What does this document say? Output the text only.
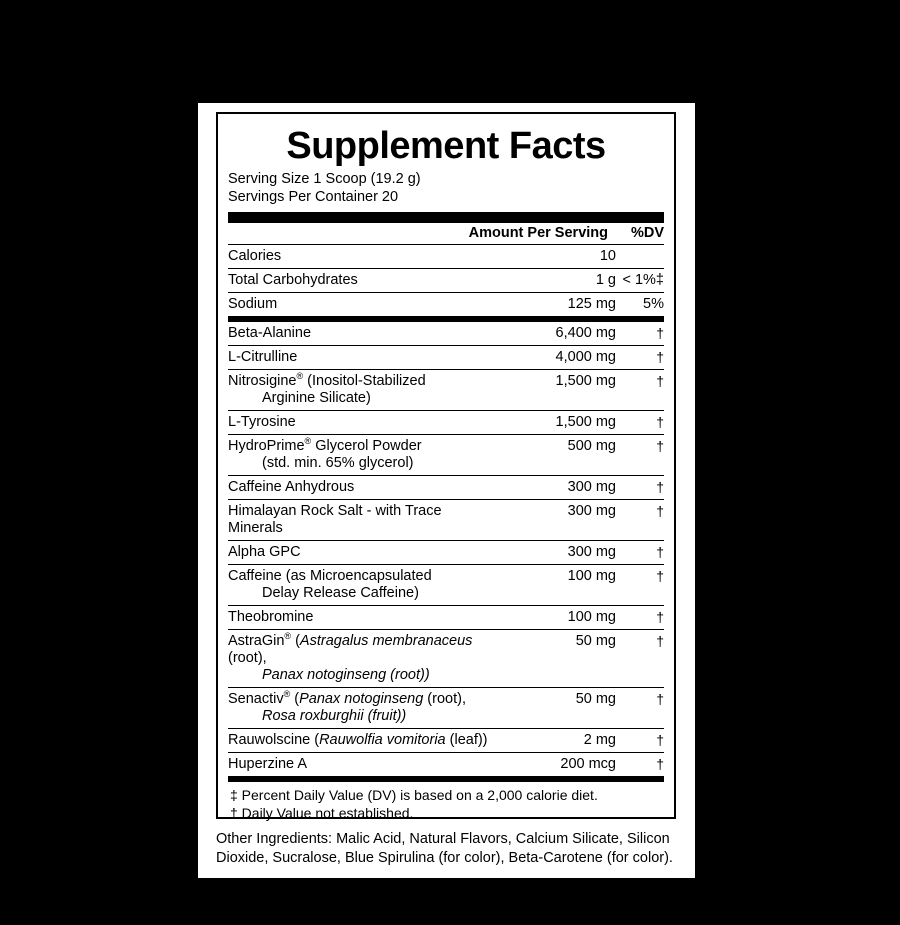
Supplement Facts
Serving Size 1 Scoop (19.2 g)
Servings Per Container 20
Amount Per Serving	%DV
Calories	10	
Total Carbohydrates	1 g	< 1%‡
Sodium	125 mg	5%
Beta-Alanine	6,400 mg	†
L-Citrulline	4,000 mg	†
Nitrosigine® (Inositol-Stabilized
Arginine Silicate)	1,500 mg	†
L-Tyrosine	1,500 mg	†
HydroPrime® Glycerol Powder
(std. min. 65% glycerol)	500 mg	†
Caffeine Anhydrous	300 mg	†
Himalayan Rock Salt - with Trace Minerals	300 mg	†
Alpha GPC	300 mg	†
Caffeine (as Microencapsulated
Delay Release Caffeine)	100 mg	†
Theobromine	100 mg	†
AstraGin® (Astragalus membranaceus (root),
Panax notoginseng (root))	50 mg	†
Senactiv® (Panax notoginseng (root),
Rosa roxburghii (fruit))	50 mg	†
Rauwolscine (Rauwolfia vomitoria (leaf))	2 mg	†
Huperzine A	200 mcg	†
‡ Percent Daily Value (DV) is based on a 2,000 calorie diet.
† Daily Value not established.
Other Ingredients: Malic Acid, Natural Flavors, Calcium Silicate, Silicon Dioxide, Sucralose, Blue Spirulina (for color), Beta-Carotene (for color).
